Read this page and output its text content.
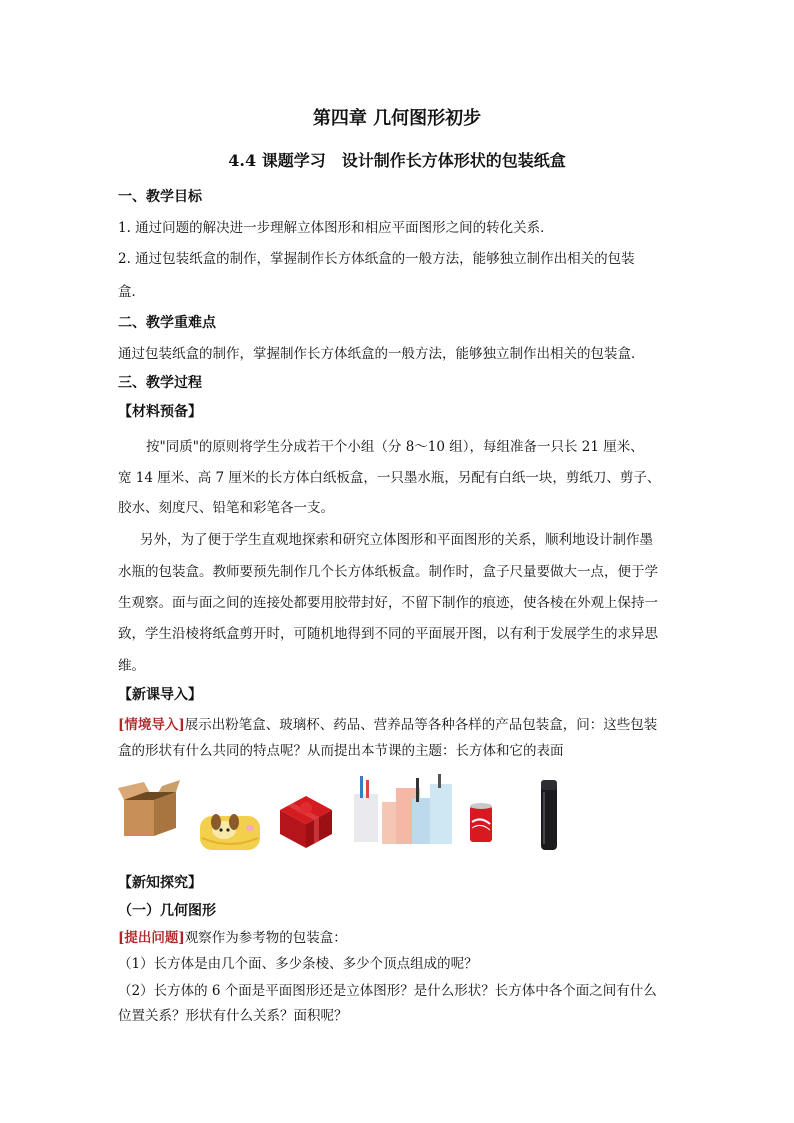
第四章 几何图形初步
4.4 课题学习　设计制作长方体形状的包装纸盒
一、教学目标
1. 通过问题的解决进一步理解立体图形和相应平面图形之间的转化关系．
2. 通过包装纸盒的制作，掌握制作长方体纸盒的一般方法，能够独立制作出相关的包装
盒．
二、教学重难点
通过包装纸盒的制作，掌握制作长方体纸盒的一般方法，能够独立制作出相关的包装盒．
三、教学过程
【材料预备】
按"同质"的原则将学生分成若干个小组（分 8～10 组），每组准备一只长 21 厘米、
宽 14 厘米、高 7 厘米的长方体白纸板盒，一只墨水瓶，另配有白纸一块，剪纸刀、剪子、
胶水、刻度尺、铅笔和彩笔各一支。
另外，为了便于学生直观地探索和研究立体图形和平面图形的关系，顺利地设计制作墨
水瓶的包装盒。教师要预先制作几个长方体纸板盒。制作时，盒子尺量要做大一点，便于学
生观察。面与面之间的连接处都要用胶带封好，不留下制作的痕迹，使各棱在外观上保持一
致，学生沿棱将纸盒剪开时，可随机地得到不同的平面展开图，以有利于发展学生的求异思
维。
【新课导入】
[情境导入]展示出粉笔盒、玻璃杯、药品、营养品等各种各样的产品包装盒，问：这些包装
盒的形状有什么共同的特点呢？从而提出本节课的主题：长方体和它的表面
【新知探究】
（一）几何图形
[提出问题]观察作为参考物的包装盒：
（1）长方体是由几个面、多少条棱、多少个顶点组成的呢？
（2）长方体的 6 个面是平面图形还是立体图形？是什么形状？长方体中各个面之间有什么
位置关系？形状有什么关系？面积呢？
